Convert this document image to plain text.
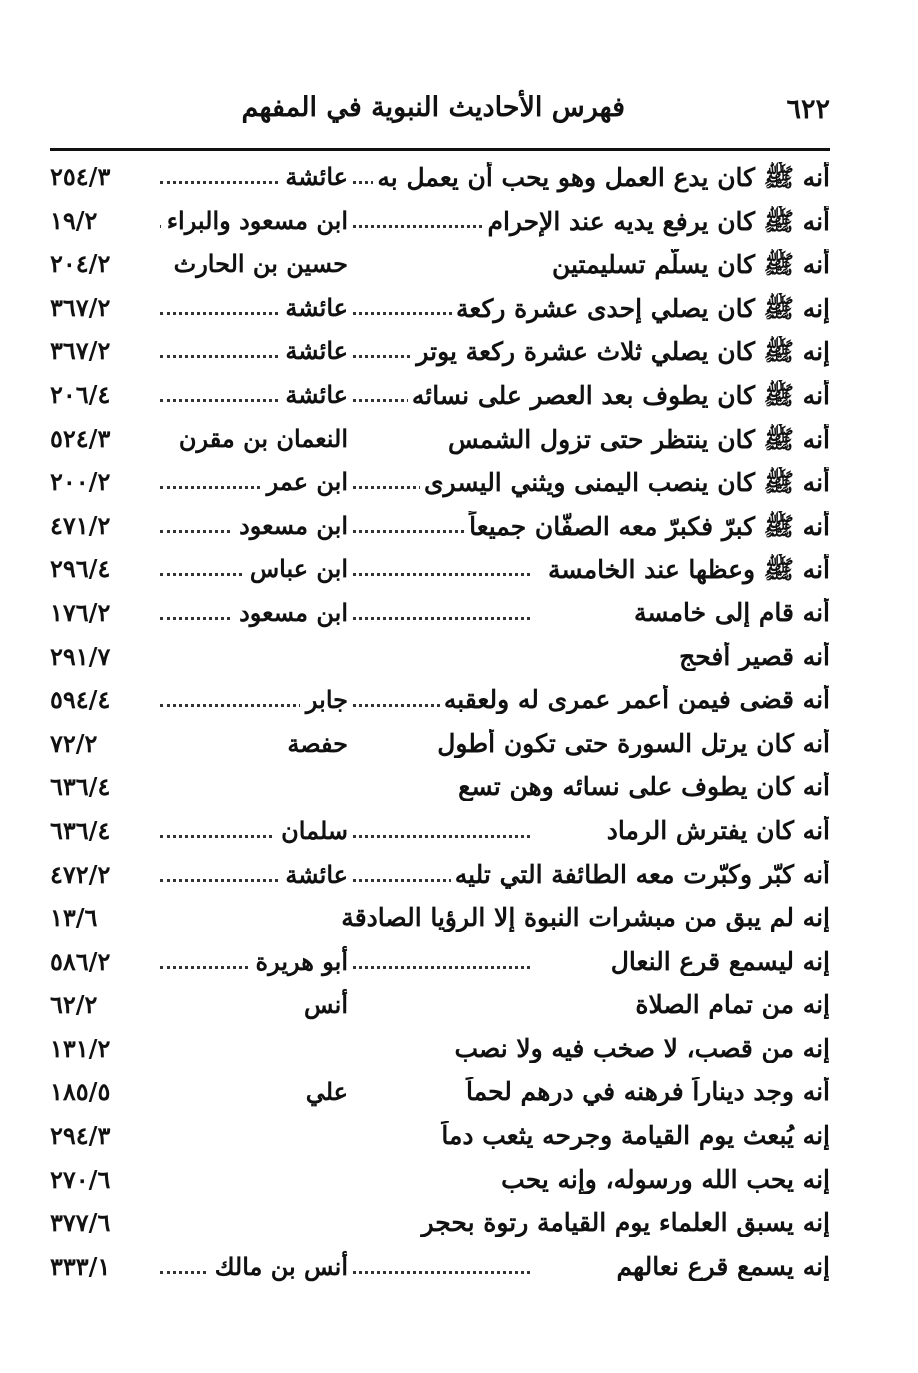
٦٢٢
فهرس الأحاديث النبوية في المفهم
أنه ﷺ كان يدع العمل وهو يحب أن يعمل به
عائشة
٢٥٤/٣
أنه ﷺ كان يرفع يديه عند الإحرام
ابن مسعود والبراء
١٩/٢
أنه ﷺ كان يسلّم تسليمتين
حسين بن الحارث
٢٠٤/٢
إنه ﷺ كان يصلي إحدى عشرة ركعة
عائشة
٣٦٧/٢
إنه ﷺ كان يصلي ثلاث عشرة ركعة يوتر
عائشة
٣٦٧/٢
أنه ﷺ كان يطوف بعد العصر على نسائه
عائشة
٢٠٦/٤
أنه ﷺ كان ينتظر حتى تزول الشمس
النعمان بن مقرن
٥٢٤/٣
أنه ﷺ كان ينصب اليمنى ويثني اليسرى
ابن عمر
٢٠٠/٢
أنه ﷺ كبرّ فكبرّ معه الصفّان جميعاً
ابن مسعود
٤٧١/٢
أنه ﷺ وعظها عند الخامسة
ابن عباس
٢٩٦/٤
أنه قام إلى خامسة
ابن مسعود
١٧٦/٢
أنه قصير أفحج
٢٩١/٧
أنه قضى فيمن أعمر عمرى له ولعقبه
جابر
٥٩٤/٤
أنه كان يرتل السورة حتى تكون أطول
حفصة
٧٢/٢
أنه كان يطوف على نسائه وهن تسع
٦٣٦/٤
أنه كان يفترش الرماد
سلمان
٦٣٦/٤
أنه كبّر وكبّرت معه الطائفة التي تليه
عائشة
٤٧٢/٢
إنه لم يبق من مبشرات النبوة إلا الرؤيا الصادقة
١٣/٦
إنه ليسمع قرع النعال
أبو هريرة
٥٨٦/٢
إنه من تمام الصلاة
أنس
٦٢/٢
إنه من قصب، لا صخب فيه ولا نصب
١٣١/٢
أنه وجد ديناراً فرهنه في درهم لحماً
علي
١٨٥/٥
إنه يُبعث يوم القيامة وجرحه يثعب دماً
٢٩٤/٣
إنه يحب الله ورسوله، وإنه يحب
٢٧٠/٦
إنه يسبق العلماء يوم القيامة رتوة بحجر
٣٧٧/٦
إنه يسمع قرع نعالهم
أنس بن مالك
٣٣٣/١
